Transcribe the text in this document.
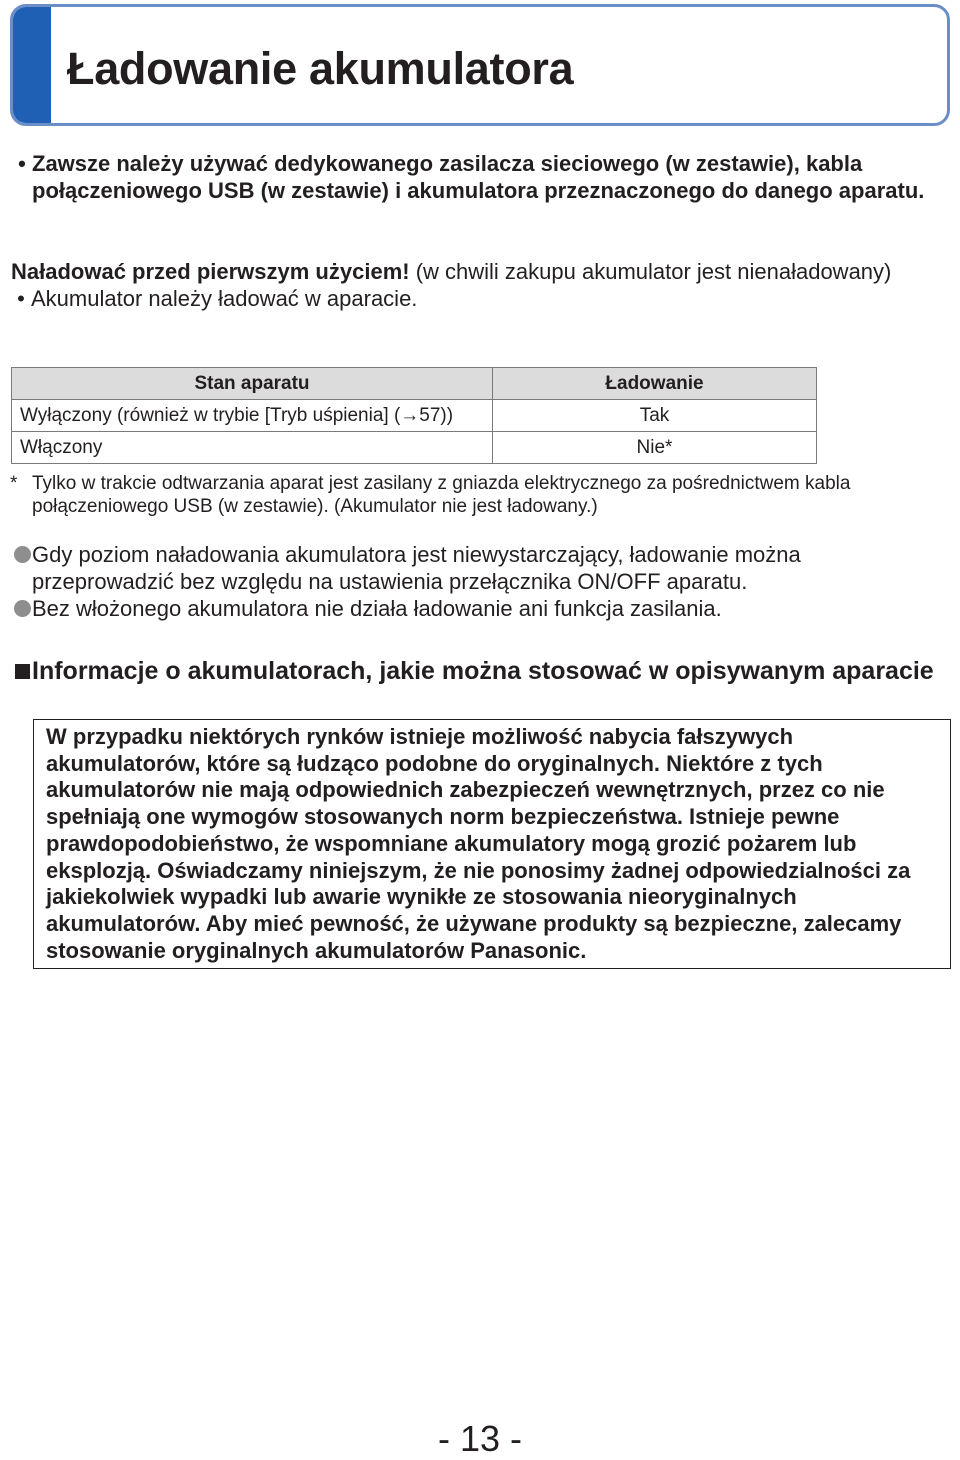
Ładowanie akumulatora
• Zawsze należy używać dedykowanego zasilacza sieciowego (w zestawie), kabla połączeniowego USB (w zestawie) i akumulatora przeznaczonego do danego aparatu.
Naładować przed pierwszym użyciem! (w chwili zakupu akumulator jest nienaładowany)
• Akumulator należy ładować w aparacie.
Stan aparatu	Ładowanie
Wyłączony (również w trybie [Tryb uśpienia] (→57))	Tak
Włączony	Nie*
* Tylko w trakcie odtwarzania aparat jest zasilany z gniazda elektrycznego za pośrednictwem kabla połączeniowego USB (w zestawie). (Akumulator nie jest ładowany.)
Gdy poziom naładowania akumulatora jest niewystarczający, ładowanie można przeprowadzić bez względu na ustawienia przełącznika ON/OFF aparatu.
Bez włożonego akumulatora nie działa ładowanie ani funkcja zasilania.
Informacje o akumulatorach, jakie można stosować w opisywanym aparacie
W przypadku niektórych rynków istnieje możliwość nabycia fałszywych akumulatorów, które są łudząco podobne do oryginalnych. Niektóre z tych akumulatorów nie mają odpowiednich zabezpieczeń wewnętrznych, przez co nie spełniają one wymogów stosowanych norm bezpieczeństwa. Istnieje pewne prawdopodobieństwo, że wspomniane akumulatory mogą grozić pożarem lub eksplozją. Oświadczamy niniejszym, że nie ponosimy żadnej odpowiedzialności za jakiekolwiek wypadki lub awarie wynikłe ze stosowania nieoryginalnych akumulatorów. Aby mieć pewność, że używane produkty są bezpieczne, zalecamy stosowanie oryginalnych akumulatorów Panasonic.
- 13 -
